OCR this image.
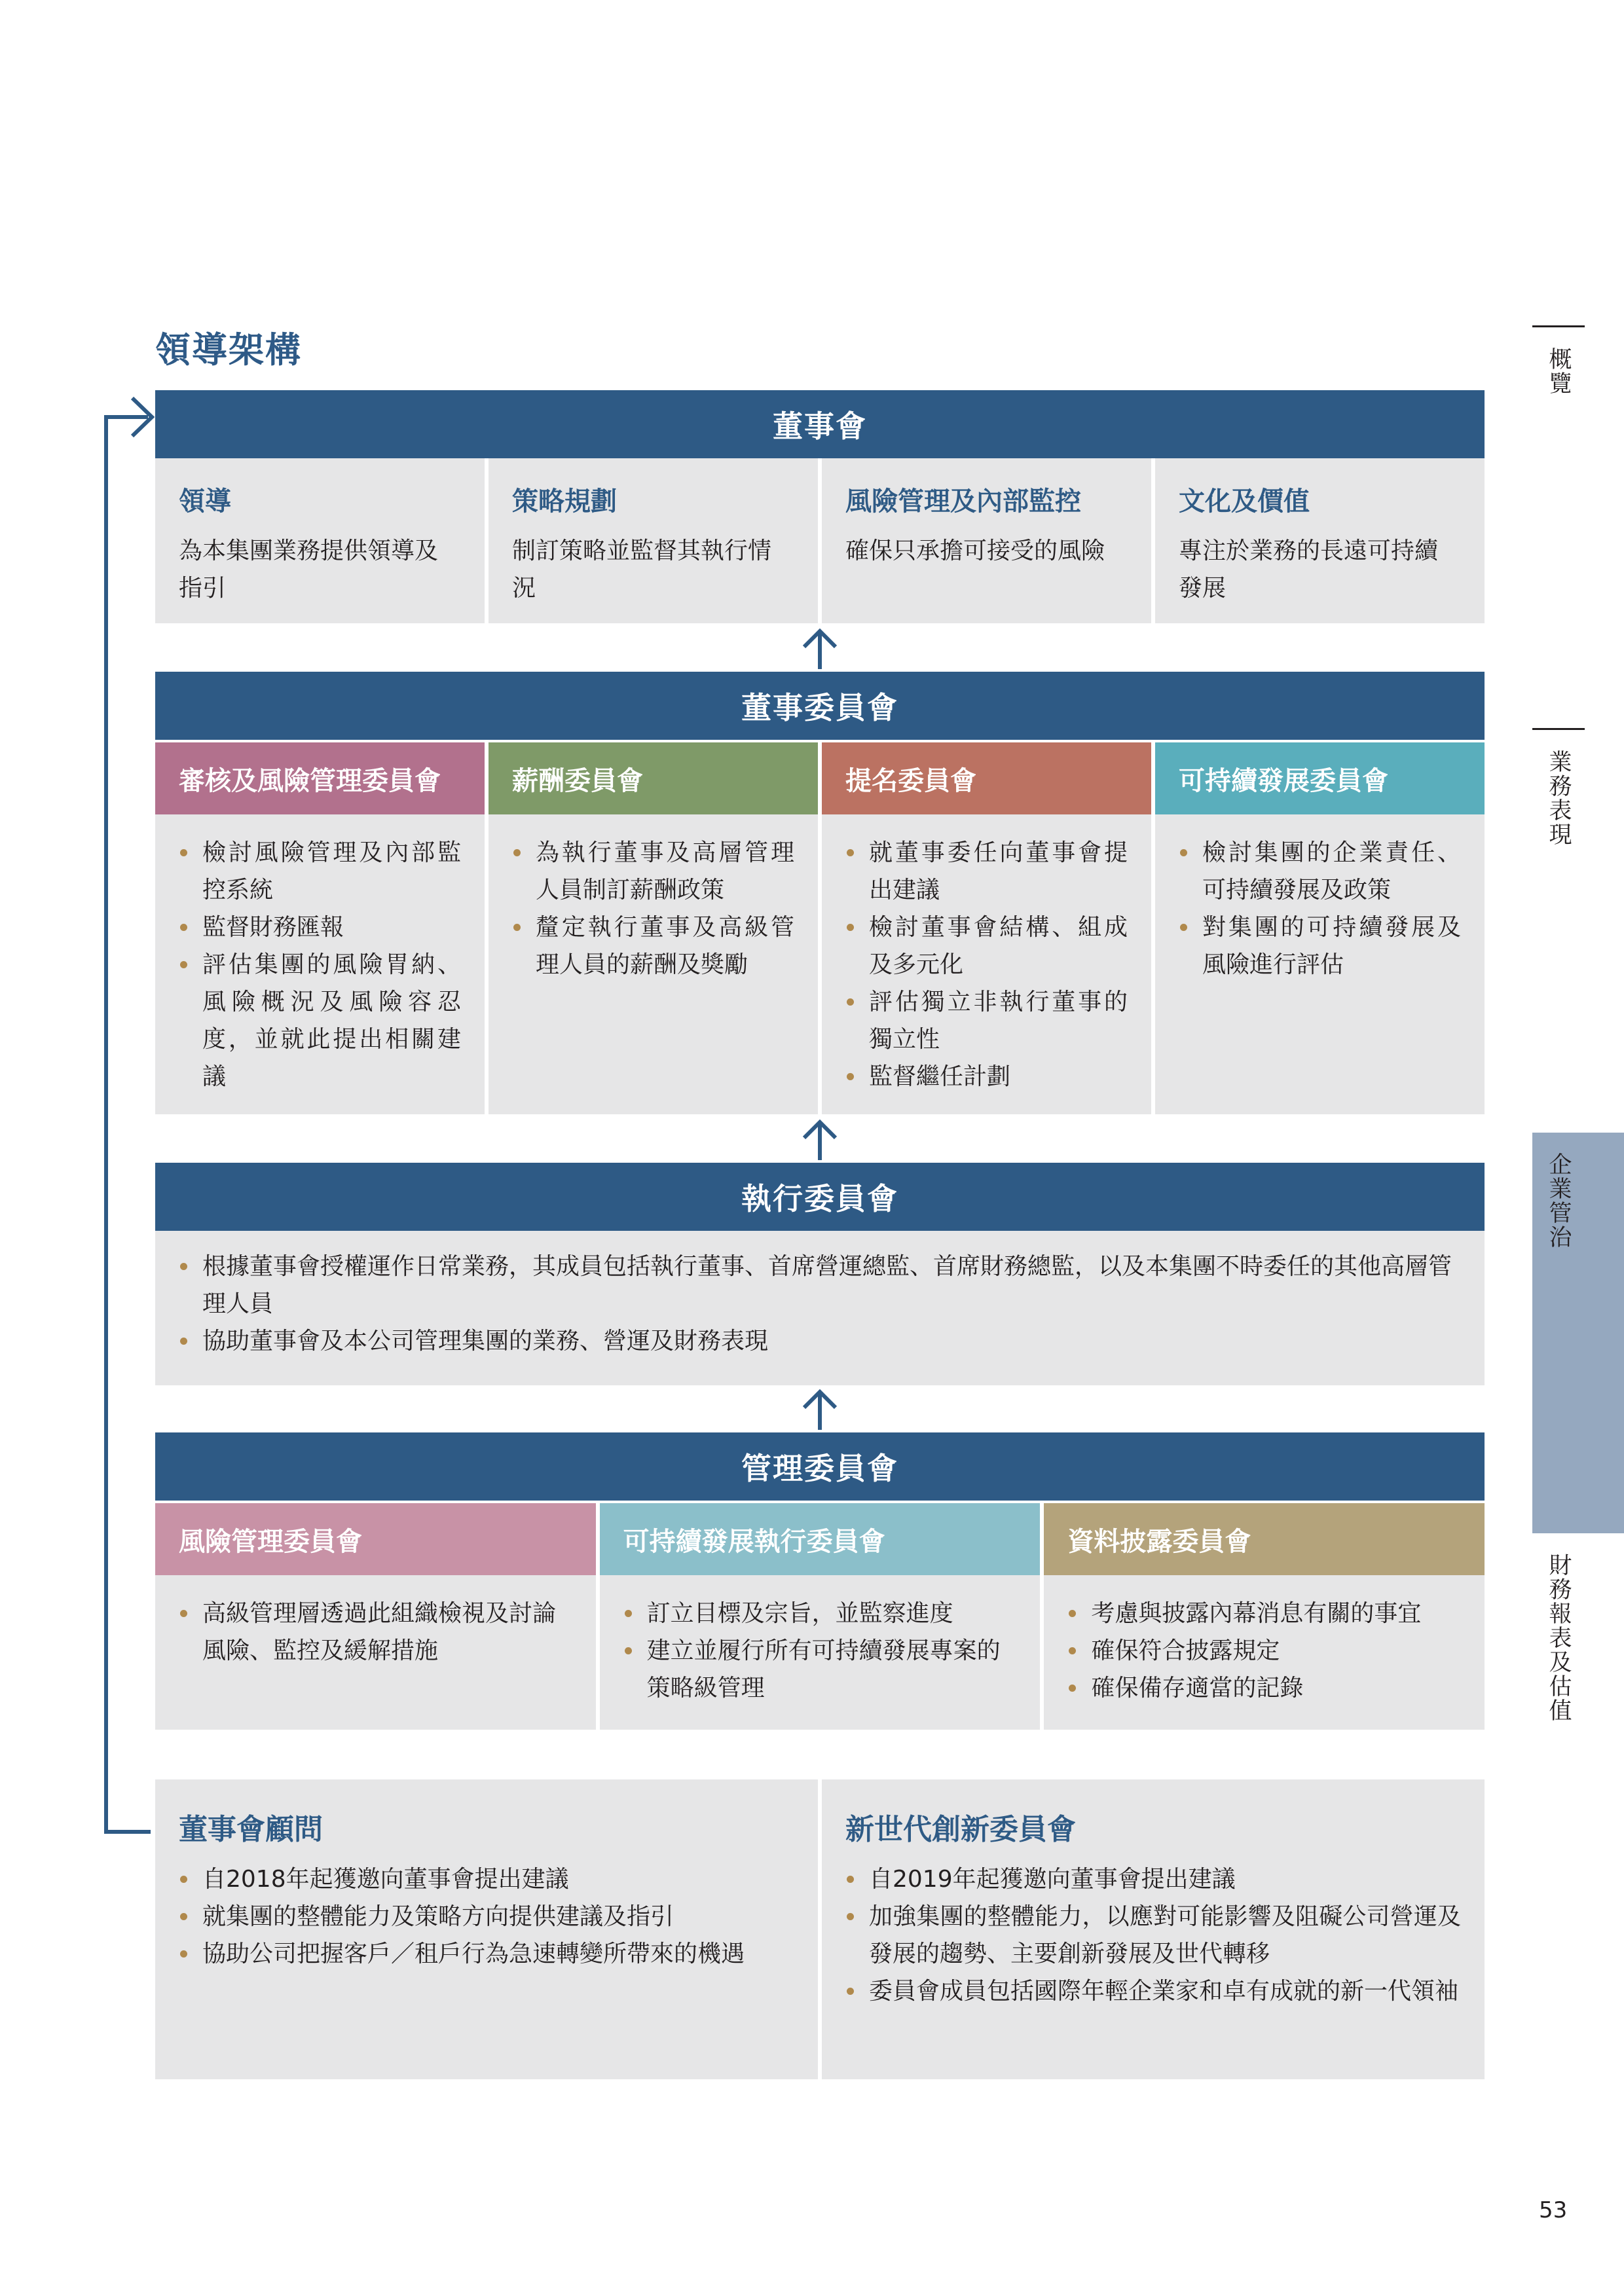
領導架構
董事會
領導
為本集團業務提供領導及指引
策略規劃
制訂策略並監督其執行情況
風險管理及內部監控
確保只承擔可接受的風險
文化及價值
專注於業務的長遠可持續發展
董事委員會
審核及風險管理委員會	薪酬委員會	提名委員會	可持續發展委員會
檢討風險管理及內部監控系統
監督財務匯報
評估集團的風險胃納、風險概況及風險容忍度，並就此提出相關建議
為執行董事及高層管理人員制訂薪酬政策
釐定執行董事及高級管理人員的薪酬及獎勵
就董事委任向董事會提出建議
檢討董事會結構、組成及多元化
評估獨立非執行董事的獨立性
監督繼任計劃
檢討集團的企業責任、可持續發展及政策
對集團的可持續發展及風險進行評估
執行委員會
根據董事會授權運作日常業務，其成員包括執行董事、首席營運總監、首席財務總監，以及本集團不時委任的其他高層管理人員
協助董事會及本公司管理集團的業務、營運及財務表現
管理委員會
風險管理委員會	可持續發展執行委員會	資料披露委員會
高級管理層透過此組織檢視及討論風險、監控及緩解措施
訂立目標及宗旨，並監察進度
建立並履行所有可持續發展專案的策略級管理
考慮與披露內幕消息有關的事宜
確保符合披露規定
確保備存適當的記錄
董事會顧問
自2018年起獲邀向董事會提出建議
就集團的整體能力及策略方向提供建議及指引
協助公司把握客戶／租戶行為急速轉變所帶來的機遇
新世代創新委員會
自2019年起獲邀向董事會提出建議
加強集團的整體能力，以應對可能影響及阻礙公司營運及發展的趨勢、主要創新發展及世代轉移
委員會成員包括國際年輕企業家和卓有成就的新一代領袖
概覽
業務表現
企業管治
財務報表及估值
53
